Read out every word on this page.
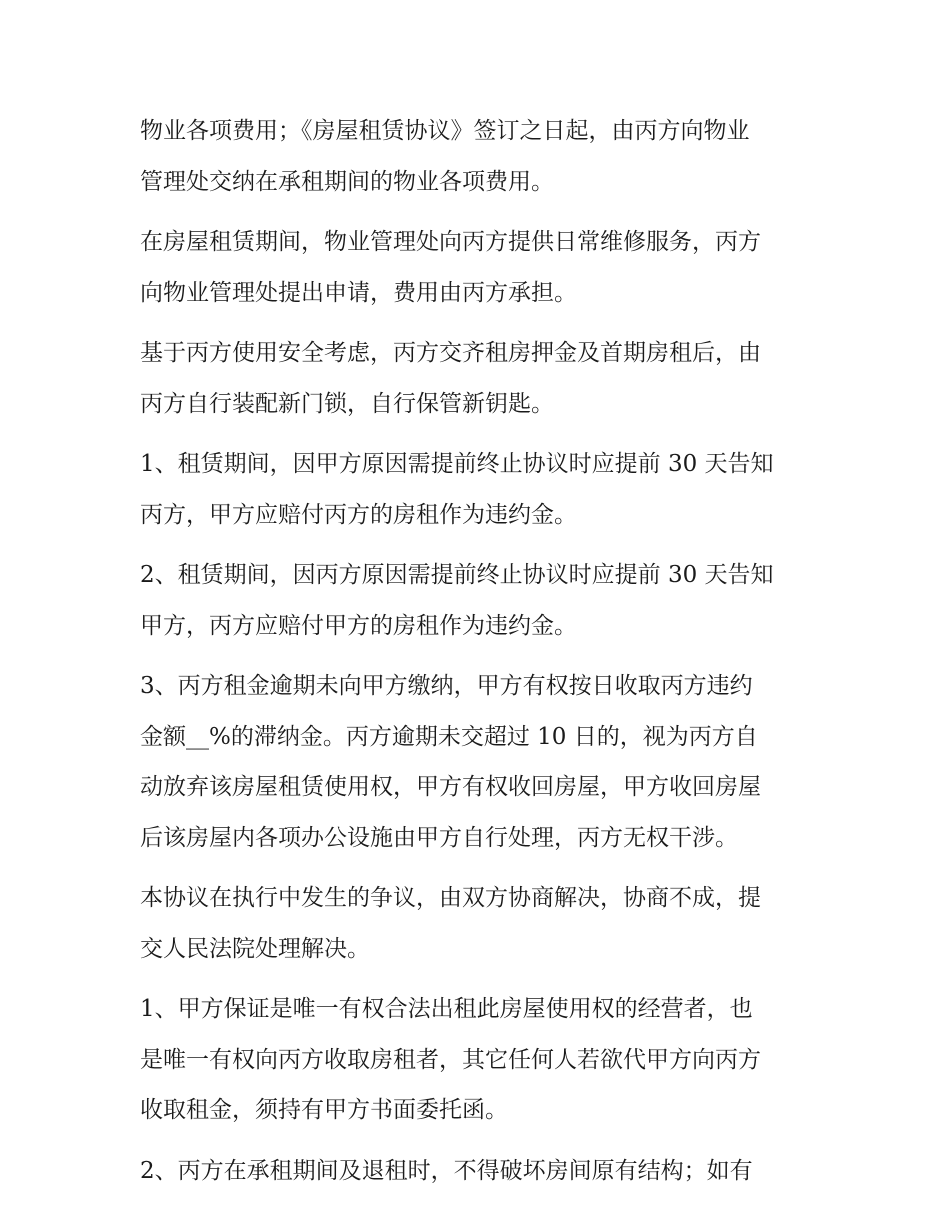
物业各项费用；《房屋租赁协议》签订之日起，由丙方向物业
管理处交纳在承租期间的物业各项费用。

在房屋租赁期间，物业管理处向丙方提供日常维修服务，丙方
向物业管理处提出申请，费用由丙方承担。

基于丙方使用安全考虑，丙方交齐租房押金及首期房租后，由
丙方自行装配新门锁，自行保管新钥匙。

1、租赁期间，因甲方原因需提前终止协议时应提前 30 天告知
丙方，甲方应赔付丙方的房租作为违约金。

2、租赁期间，因丙方原因需提前终止协议时应提前 30 天告知
甲方，丙方应赔付甲方的房租作为违约金。

3、丙方租金逾期未向甲方缴纳，甲方有权按日收取丙方违约
金额__%的滞纳金。丙方逾期未交超过 10 日的，视为丙方自
动放弃该房屋租赁使用权，甲方有权收回房屋，甲方收回房屋
后该房屋内各项办公设施由甲方自行处理，丙方无权干涉。

本协议在执行中发生的争议，由双方协商解决，协商不成，提
交人民法院处理解决。

1、甲方保证是唯一有权合法出租此房屋使用权的经营者，也
是唯一有权向丙方收取房租者，其它任何人若欲代甲方向丙方
收取租金，须持有甲方书面委托函。

2、丙方在承租期间及退租时，不得破坏房间原有结构；如有
